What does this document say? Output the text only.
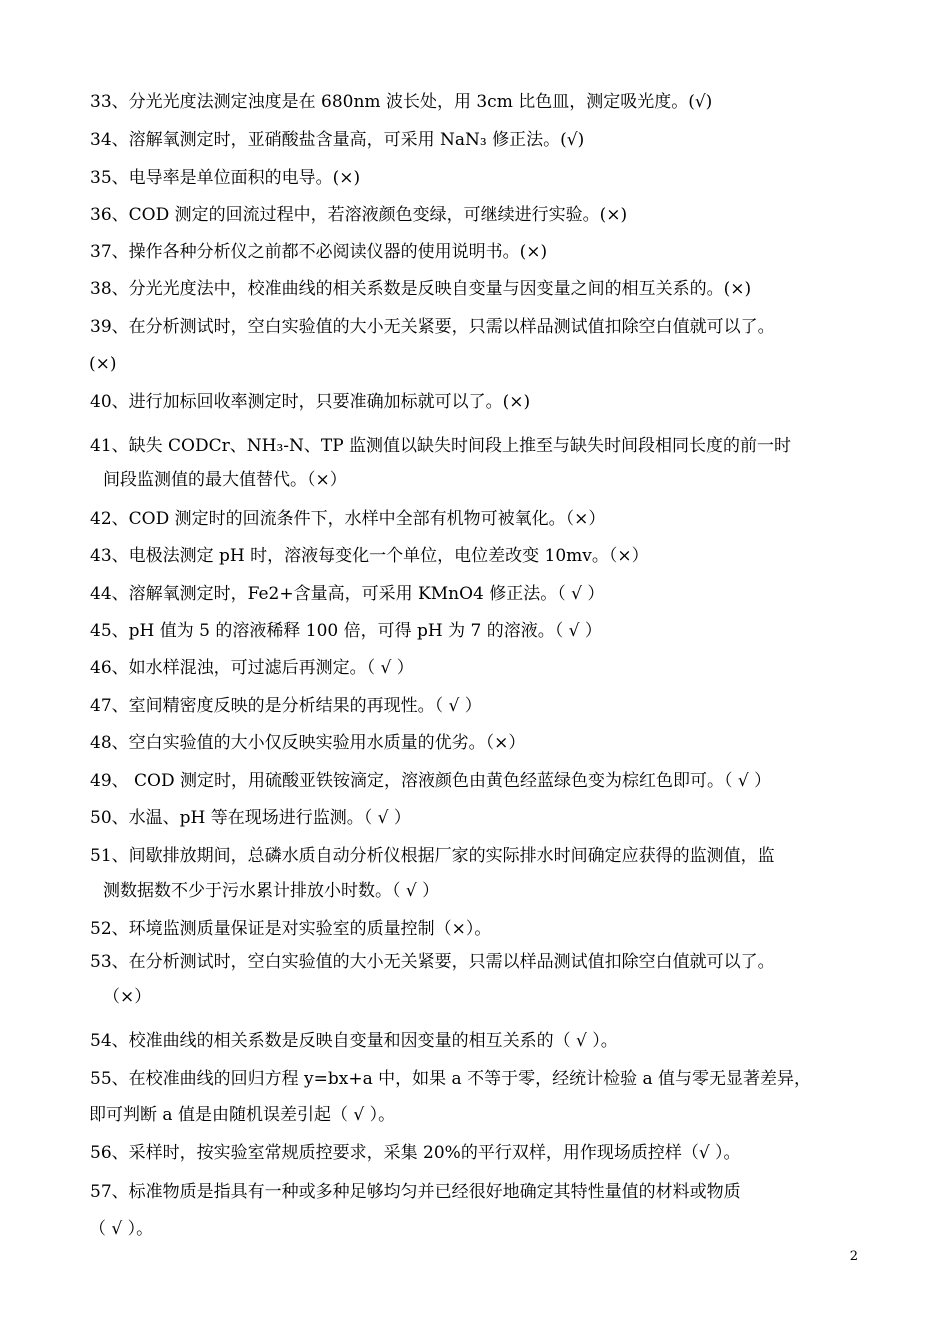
33、分光光度法测定浊度是在 680nm 波长处，用 3cm 比色皿，测定吸光度。(√)
34、溶解氧测定时，亚硝酸盐含量高，可采用 NaN₃ 修正法。(√)
35、电导率是单位面积的电导。(×)
36、COD 测定的回流过程中，若溶液颜色变绿，可继续进行实验。(×)
37、操作各种分析仪之前都不必阅读仪器的使用说明书。(×)
38、分光光度法中，校准曲线的相关系数是反映自变量与因变量之间的相互关系的。(×)
39、在分析测试时，空白实验值的大小无关紧要，只需以样品测试值扣除空白值就可以了。
(×)
40、进行加标回收率测定时，只要准确加标就可以了。(×)
41、缺失 CODCr、NH₃-N、TP 监测值以缺失时间段上推至与缺失时间段相同长度的前一时
间段监测值的最大值替代。（×）
42、COD 测定时的回流条件下，水样中全部有机物可被氧化。（×）
43、电极法测定 pH 时，溶液每变化一个单位，电位差改变 10mv。（×）
44、溶解氧测定时，Fe2+含量高，可采用 KMnO4 修正法。（ √ ）
45、pH 值为 5 的溶液稀释 100 倍，可得 pH 为 7 的溶液。（ √ ）
46、如水样混浊，可过滤后再测定。（ √ ）
47、室间精密度反映的是分析结果的再现性。（ √ ）
48、空白实验值的大小仅反映实验用水质量的优劣。（×）
49、 COD 测定时，用硫酸亚铁铵滴定，溶液颜色由黄色经蓝绿色变为棕红色即可。（ √ ）
50、水温、pH 等在现场进行监测。（ √ ）
51、间歇排放期间，总磷水质自动分析仪根据厂家的实际排水时间确定应获得的监测值，监
测数据数不少于污水累计排放小时数。（ √ ）
52、环境监测质量保证是对实验室的质量控制（×）。
53、在分析测试时，空白实验值的大小无关紧要，只需以样品测试值扣除空白值就可以了。
（×）
54、校准曲线的相关系数是反映自变量和因变量的相互关系的（ √ ）。
55、在校准曲线的回归方程 y=bx+a 中，如果 a 不等于零，经统计检验 a 值与零无显著差异，
即可判断 a 值是由随机误差引起（ √ ）。
56、采样时，按实验室常规质控要求，采集 20%的平行双样，用作现场质控样（√ ）。
57、标准物质是指具有一种或多种足够均匀并已经很好地确定其特性量值的材料或物质
（ √ ）。
2
